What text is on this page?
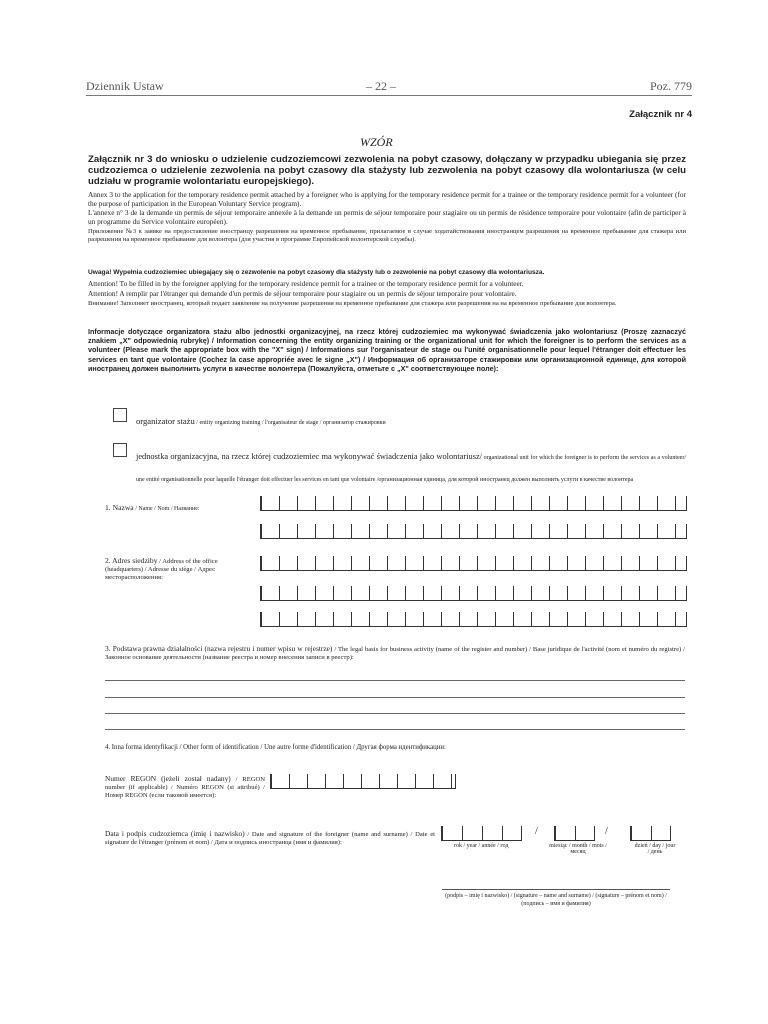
Dziennik Ustaw	– 22 –	Poz. 779
Załącznik nr 4
WZÓR
Załącznik nr 3 do wniosku o udzielenie cudzoziemcowi zezwolenia na pobyt czasowy, dołączany w przypadku ubiegania się przez cudzoziemca o udzielenie zezwolenia na pobyt czasowy dla stażysty lub zezwolenia na pobyt czasowy dla wolontariusza (w celu udziału w programie wolontariatu europejskiego).
Annex 3 to the application for the temporary residence permit attached by a foreigner who is applying for the temporary residence permit for a trainee or the temporary residence permit for a volunteer (for the purpose of participation in the European Voluntary Service program).
L'annexe n° 3 de la demande un permis de séjour temporaire annexée à la demande un permis de séjour temporaire pour stagiaire ou un permis de résidence temporaire pour volontaire (afin de participer à un programme du Service volontaire européen).
Приложение №3 к заявке на предоставление иностранцу разрешения на временное пребывание, прилагаемое в случае ходатайствования иностранцем разрешения на временное пребывание для стажера или разрешения на временное пребывание для волонтера (для участия в программе Европейской волонтерской службы).
Uwaga! Wypełnia cudzoziemiec ubiegający się o zezwolenie na pobyt czasowy dla stażysty lub o zezwolenie na pobyt czasowy dla wolontariusza.
Attention! To be filled in by the foreigner applying for the temporary residence permit for a trainee or the temporary residence permit for a volunteer.
Attention! A remplir par l'étranger qui demande d'un permis de séjour temporaire pour stagiaire ou un permis de séjour temporaire pour volontaire.
Внимание! Заполняет иностранец, который подает заявление на получение разрешения на временное пребывание для стажера или разрешения на на временное пребывание для волонтера.
Informacje dotyczące organizatora stażu albo jednostki organizacyjnej, na rzecz której cudzoziemiec ma wykonywać świadczenia jako wolontariusz (Proszę zaznaczyć znakiem „X" odpowiednią rubrykę) / Information concerning the entity organizing training or the organizational unit for which the foreigner is to perform the services as a volunteer (Please mark the appropriate box with the "X" sign) / Informations sur l'organisateur de stage ou l'unité organisationnelle pour lequel l'étranger doit effectuer les services en tant que volontaire (Cochez la case appropriée avec le signe „X") / Информация об организаторе стажировки или организационной единице, для которой иностранец должен выполнить услуги в качестве волонтера (Пожалуйста, отметьте с „X" соответствующее поле):
organizator stażu / entity organizing training / l'organisateur de stage / организатор стажировки
jednostka organizacyjna, na rzecz której cudzoziemiec ma wykonywać świadczenia jako wolontariusz/ organizational unit for which the foreigner is to perform the services as a volunteer/ une entité organisationnelle pour laquelle l'étranger doit effectuer les services en tant que volontaire /организационная единица, для которой иностранец должен выполнить услуги в качестве волонтера
1. Nazwa / Name / Nom / Название:
2. Adres siedziby / Address of the office (headquarters) / Adresse du siège / Адрес месторасположения:
3. Podstawa prawna działalności (nazwa rejestru i numer wpisu w rejestrze) / The legal basis for business activity (name of the register and number) / Base juridique de l'activité (nom et numéro du registre) / Законное основание деятельности (название реестра и номер внесения записи в реестр):
4. Inna forma identyfikacji / Other form of identification / Une autre forme d'identification / Другая форма идентификации:
Numer REGON (jeżeli został nadany) / REGON number (if applicable) / Numéro REGON (si attribué) / Номер REGON (если таковой имеется):
Data i podpis cudzoziemca (imię i nazwisko) / Date and signature of the foreigner (name and surname) / Date et signature de l'étranger (prénom et nom) / Дата и подпись иностранца (имя и фамилия):
/	/
rok / year / année / год	miesiąc / month / mois / месяц
dzień / day / jour / день
(podpis – imię i nazwisko) / (signature – name and surname) / (signature – prénom et nom) / (подпись – имя и фамилия)
